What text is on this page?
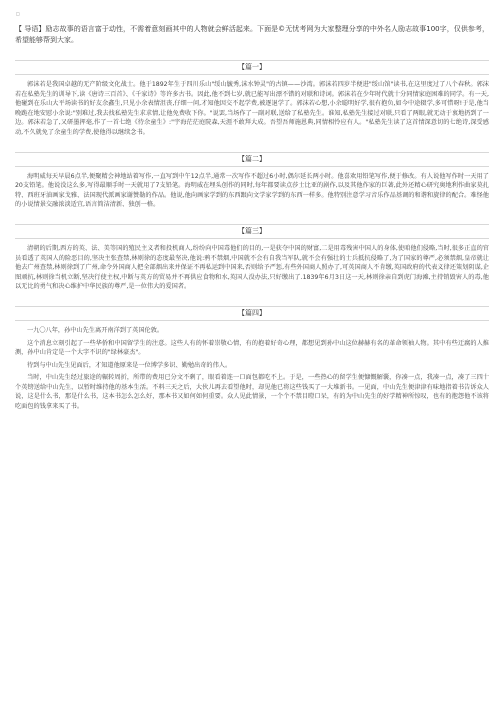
□

【 导语】励志故事的语言富于动性，不需着意刻画其中的人物就会鲜活起来。下面是©无忧考网为大家整理分享的中外名人励志故事100字，仅供参考，希望能够帮到大家。

【篇一】

郭沫若是我国卓越的无产阶级文化战士。他于1892年生于四川乐山"绥山毓秀,沫水钟灵"的古镇——沙湾。郭沫若四岁半便进"绥山馆"读书,在这里度过了八个春秋。郭沫若在私塾先生的训导下,读《唐诗三百首》、《千家诗》等许多古书。因此,他不到七岁,就已能写出漂不错的对联和诗词。郭沫若在少年时代就十分同情家庭困难的同学。有一天,他碰到在乐山大平场读书的好友余鑫生,只见小余表情沮丧,仔细一问,才知他因交不起学费,被逐退学了。郭沫若心想,小余聪明好学,很有抱负,如今中途辍学,多可惜呀!于是,他当晚跪在地安慰小余说:"别难过,我去找私塾先生求求情,让他免费收下你。"说罢,当场作了一副对联,送给了私塾先生。谁知,私塾先生接过对联,只看了两眼,就无动于衷地扔到了一边。郭沫若急了,又研墨挥毫,作了一首七绝《待余童生》:"宇海茫茫庭院森,天涯不敢拜大成。吾望吾师施恩典,同情相怜应有人。"私塾先生读了这首情深意切的七绝诗,深受感动,不久就免了余童生的学费,使他得以继续念书。

【篇二】

海明威每天早晨6点半,便聚精会神地站着写作,一直写到中午12点半,通常一次写作不超过6小时,偶尔延长两小时。他喜欢用铅笔写作,便于修改。有人说他写作时一天用了20支铅笔。他说没这么多,写得最顺手时一天就用了7支铅笔。海明威在埋头创作的同时,每年都要读点莎士比亚的剧作,以及其他作家的巨著,此外还精心研究奥地利作曲家莫扎特、西班牙油画家戈雅、法国现代派画家谢赞勒的作品。他说,他向画家学到的东西跟向文学家学到的东西一样多。他特别注意学习音乐作品基调的和谐和旋律的配合。难怪他的小说情景交融浓淡适宜,语言简洁清新、独创一格。

【篇三】

清朝的后期,西方的英、法、美等国的殖民主义者和投机商人,纷纷向中国毒他们的目的,一是获夺中国的财富,二是用毒残害中国人的身体,使咱他们侵略,当时,很多正直的官员看透了英国人的险恶目的,坚决主张查禁,林则徐的态度最坚决,他说:鸦不禁烟,中国就不会有自我当军队,就不会有强壮的士兵抵抗侵略了,为了国家的尊严,必须禁烟,皇帝就让他去广州查禁,林则徐到了广州,命令外国商人把全部烟出来并保证不再私运到中国来,否则给予严惩,有些外国商人照办了,可英国商人不肯缴,英国政府的代表义律还策划阴谋,企图顽抗,林则徐当机立断,坚决行使主权,中断与英方的贸易并不再供应食物和水,英国人没办法,只好缴出了.1839年6月3日这一天,林则徐亲自到虎门海滩,主持销毁害人的毒,他以无比的勇气和决心维护中华民族的尊严,是一位伟大的爱国者。

【篇四】

一九〇八年，孙中山先生离开南洋到了英国伦敦。

这个消息立刻引起了一些华侨和中国留学生的注意。这些人有的怀着崇敬心情，有的抱着好奇心理，都想见到孙中山这位赫赫有名的革命领袖人物。其中有些迂腐的人推测，孙中山肯定是一个大字不识的"绿林豪杰"。

待到与中山先生见面后，才知道他原来是一位博学多识、勤勉出奇的伟人。

当时，中山先生经过旅途的辗转周折，所带的费用已分文不剩了，眼看着连一口面包都吃不上。于是，一些热心的留学生便慷慨解囊，你凑一点，我凑一点，凑了三四十个英镑送给中山先生，以暂时维持他的基本生活。不料三天之后，大伙儿再去看望他时，却见他已将这些钱买了一大堆新书。一见面，中山先生便津津有味地指着书告诉众人说，这是什么书，那是什么书，这本书怎么怎么好，那本书又如何如何重要。众人见此情景，一个个不禁目瞪口呆，有的为中山先生的好学精神所惊叹，也有的抱怨他不该将吃面包的钱拿来买了书。
